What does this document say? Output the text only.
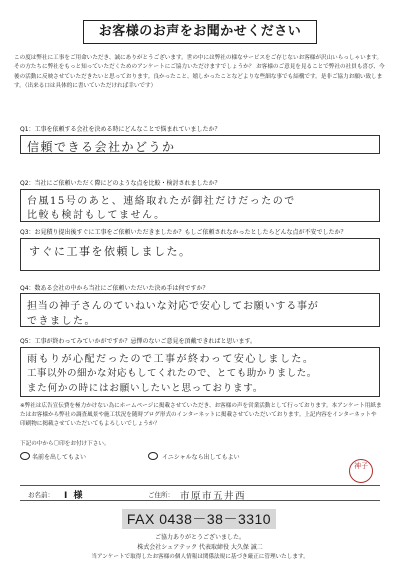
お客様のお声をお聞かせください
この度は弊社に工事をご用命いただき、誠にありがとうございます。世の中には弊社の様なサービスをご存じないお客様が沢山いらっしゃいます。その方たちに弊社をもっと知っていただくためのアンケートにご協力いただけますでしょうか？ お客様のご意見を見ることで弊社の社員も喜び、今後の活動に反映させていただきたいと思っております。良かったこと、嬉しかったことなどよりな些細な事でも結構です。是非ご協力お願い致します。（出来る口は具体的に書いていただければ幸いです）
Q1：工事を依頼する会社を決める時にどんなことで悩まれていましたか？
信頼できる会社かどうか
Q2：当社にご依頼いただく際にどのような点を比較・検討されましたか？
台風15号のあと、連絡取れたが御社だけだったので
比較も検討もしてません。
Q3：お見積り提出後すぐに工事をご依頼いただきましたか？もしご依頼されなかったとしたらどんな点が不安でしたか？
すぐに工事を依頼しました。
Q4：数ある会社の中から当社にご依頼いただいた決め手は何ですか？
担当の神子さんのていねいな対応で安心してお願いする事が
できました。
Q5：工事が終わってみていかがですか？忌憚のないご意見を頂戴できればと思います。
雨もりが心配だったので工事が終わって安心しました。
工事以外の細かな対応もしてくれたので、とても助かりました。
また何かの時にはお願いしたいと思っております。
※弊社は広告宣伝費を極力かけない為にホームページに掲載させていただき、お客様の声を営業活動として行っております。本アンケート用紙またはお客様から弊社の調査風景や施工状況を随時ブログ形式のインターネットに掲載させていただいております。上記内容をインターネットや印刷物に掲載させていただいてもよろしいでしょうか？
下記の中から〇印をお付け下さい。
名前を出してもよい	イニシャルなら出してもよい
神子
お名前： I 様	ご住所： 市原市五井西
FAX 0438－38－3310
ご協力ありがとうございました。
株式会社シェアテック 代表取締役 大久保 誠二
当アンケートで取得したお客様の個人情報は関係法規に基づき厳正に管理いたします。
